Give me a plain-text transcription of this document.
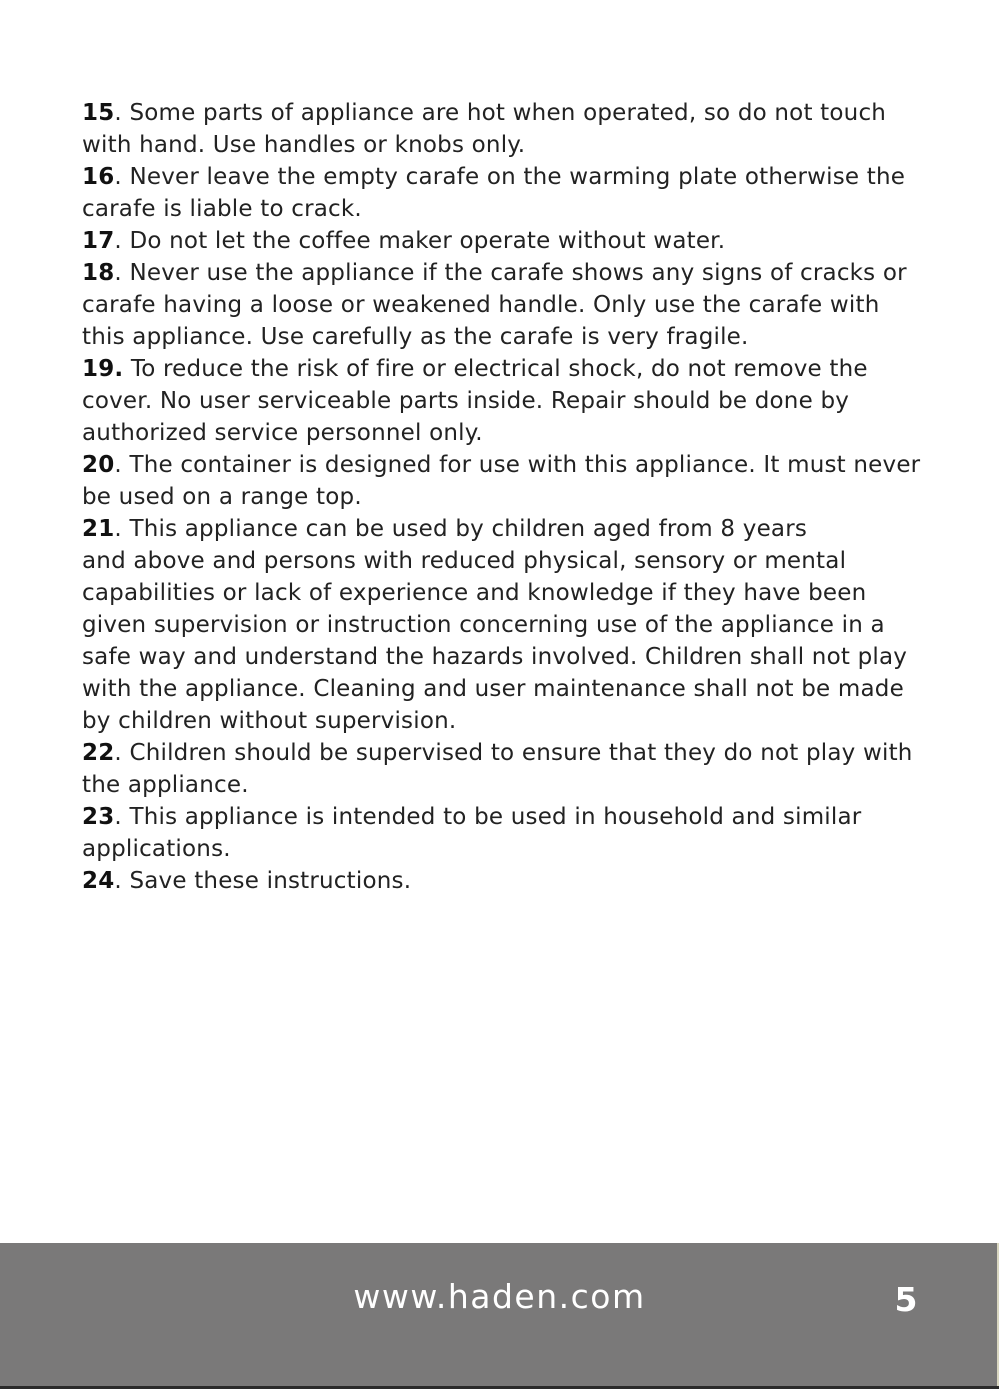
15. Some parts of appliance are hot when operated, so do not touch
with hand. Use handles or knobs only.
16. Never leave the empty carafe on the warming plate otherwise the
carafe is liable to crack.
17. Do not let the coffee maker operate without water.
18. Never use the appliance if the carafe shows any signs of cracks or
carafe having a loose or weakened handle. Only use the carafe with
this appliance. Use carefully as the carafe is very fragile.
19. To reduce the risk of fire or electrical shock, do not remove the
cover. No user serviceable parts inside. Repair should be done by
authorized service personnel only.
20. The container is designed for use with this appliance. It must never
be used on a range top.
21. This appliance can be used by children aged from 8 years
and above and persons with reduced physical, sensory or mental
capabilities or lack of experience and knowledge if they have been
given supervision or instruction concerning use of the appliance in a
safe way and understand the hazards involved. Children shall not play
with the appliance. Cleaning and user maintenance shall not be made
by children without supervision.
22. Children should be supervised to ensure that they do not play with
the appliance.
23. This appliance is intended to be used in household and similar
applications.
24. Save these instructions.
www.haden.com	5
